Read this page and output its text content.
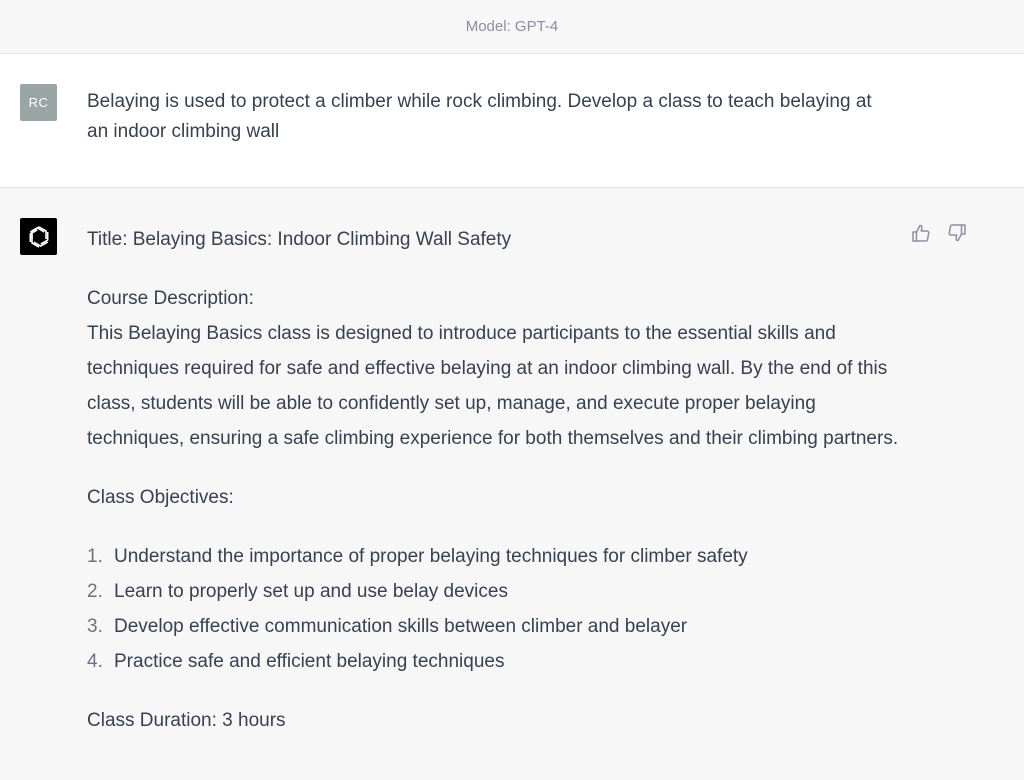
Model: GPT-4
RC Belaying is used to protect a climber while rock climbing. Develop a class to teach belaying at an indoor climbing wall

Title: Belaying Basics: Indoor Climbing Wall Safety

Course Description:

This Belaying Basics class is designed to introduce participants to the essential skills and techniques required for safe and effective belaying at an indoor climbing wall. By the end of this class, students will be able to confidently set up, manage, and execute proper belaying techniques, ensuring a safe climbing experience for both themselves and their climbing partners.

Class Objectives:

1. Understand the importance of proper belaying techniques for climber safety
2. Learn to properly set up and use belay devices
3. Develop effective communication skills between climber and belayer
4. Practice safe and efficient belaying techniques

Class Duration: 3 hours
